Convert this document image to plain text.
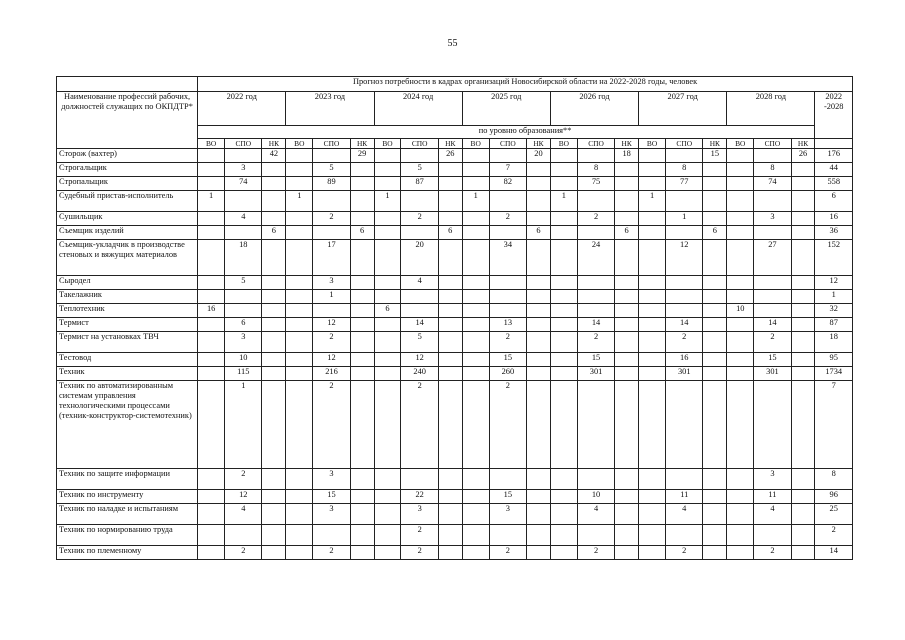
55
	Прогноз потребности в кадрах организаций Новосибирской области на 2022-2028 годы, человек																					
Наименование профессий рабочих, должностей служащих по ОКПДТР*	2022 год			2023 год			2024 год			2025 год			2026 год			2027 год			2028 год			2022 -2028
	по уровню образования**																					
	ВО	СПО	НК	ВО	СПО	НК	ВО	СПО	НК	ВО	СПО	НК	ВО	СПО	НК	ВО	СПО	НК	ВО	СПО	НК	
Сторож (вахтер)			42			29			26			20			18			15			26	176
Строгальщик		3			5			5			7			8			8			8		44
Стропальщик		74			89			87			82			75			77			74		558
Судебный пристав-исполнитель	1			1			1			1			1			1						6
Сушильщик		4			2			2			2			2			1			3		16
Съемщик изделий			6			6			6			6			6			6				36
Съемщик-укладчик в производстве стеновых и вяжущих материалов		18			17			20			34			24			12			27		152
Сыродел		5			3			4														12
Такелажник					1																	1
Теплотехник	16						6												10			32
Термист		6			12			14			13			14			14			14		87
Термист на установках ТВЧ		3			2			5			2			2			2			2		18
Тестовод		10			12			12			15			15			16			15		95
Техник		115			216			240			260			301			301			301		1734
Техник по автоматизированным системам управления технологическими процессами (техник-конструктор-системотехник)		1			2			2			2											7
Техник по защите информации		2			3															3		8
Техник по инструменту		12			15			22			15			10			11			11		96
Техник по наладке и испытаниям		4			3			3			3			4			4			4		25
Техник по нормированию труда								2														2
Техник по племенному		2			2			2			2			2			2			2		14
